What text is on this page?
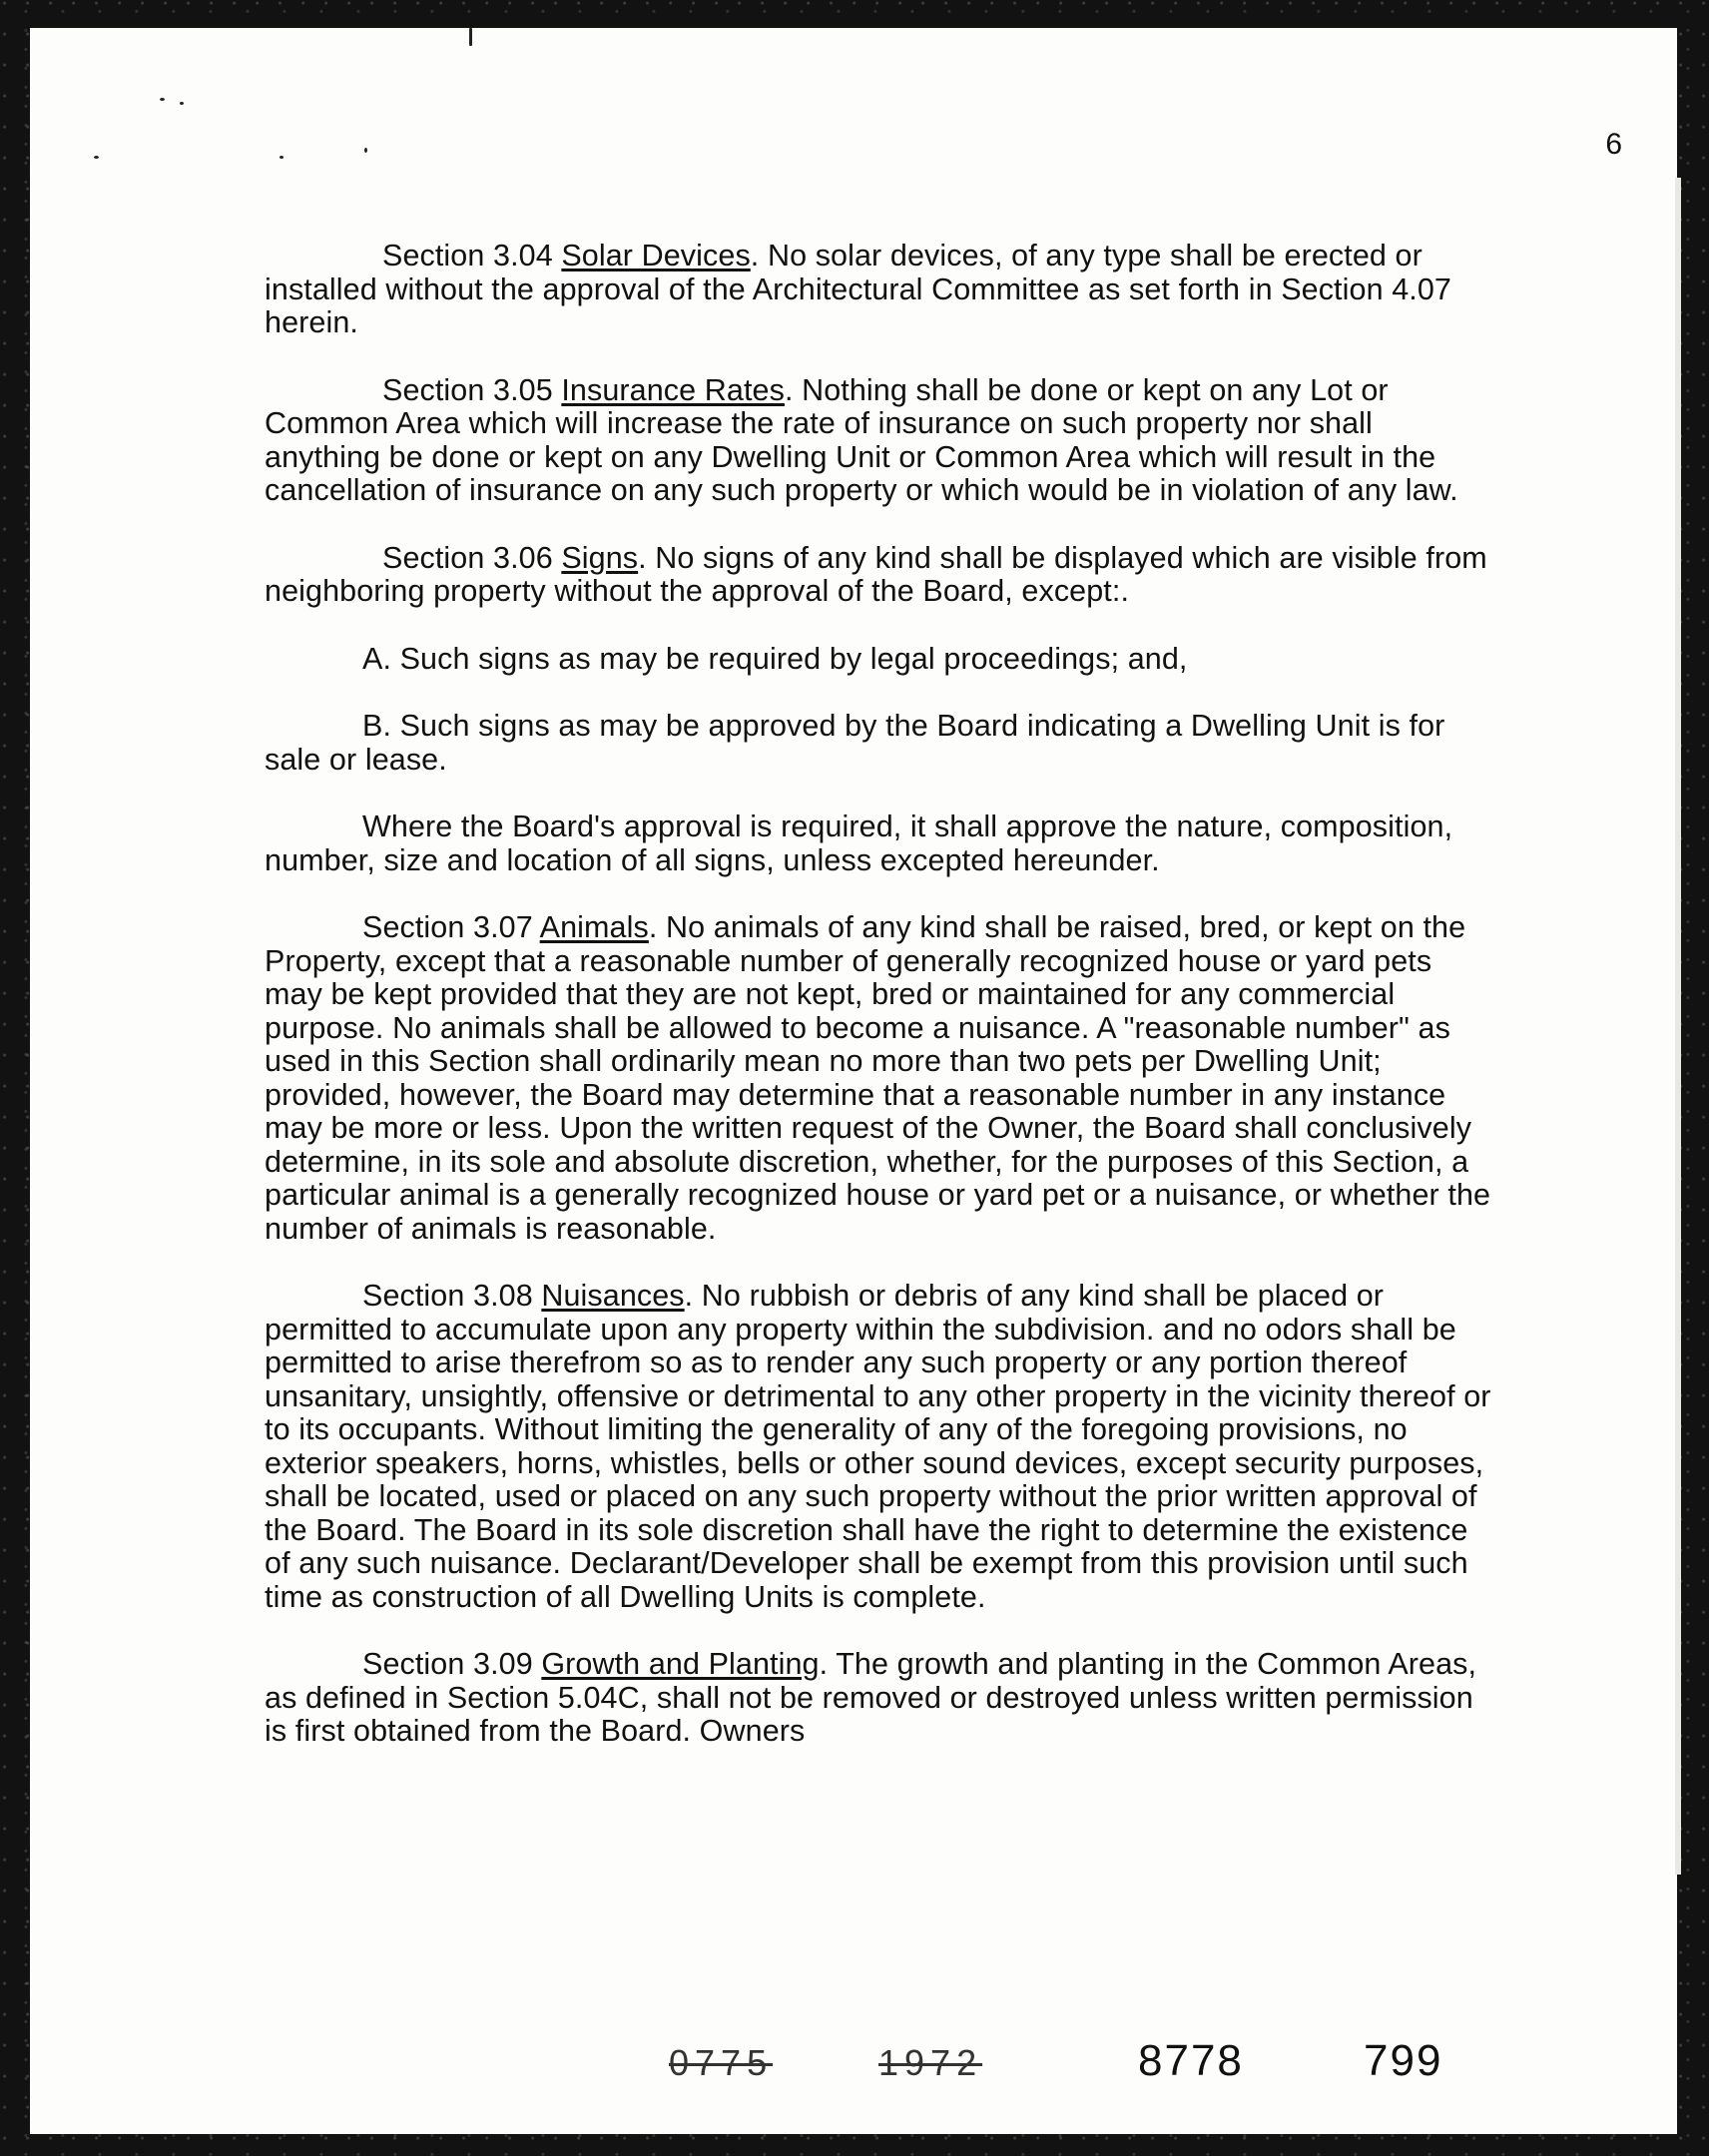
6

Section 3.04 Solar Devices. No solar devices, of any type shall be erected or installed without the approval of the Architectural Committee as set forth in Section 4.07 herein.

Section 3.05 Insurance Rates. Nothing shall be done or kept on any Lot or Common Area which will increase the rate of insurance on such property nor shall anything be done or kept on any Dwelling Unit or Common Area which will result in the cancellation of insurance on any such property or which would be in violation of any law.

Section 3.06 Signs. No signs of any kind shall be displayed which are visible from neighboring property without the approval of the Board, except:.

A. Such signs as may be required by legal proceedings; and,

B. Such signs as may be approved by the Board indicating a Dwelling Unit is for sale or lease.

Where the Board's approval is required, it shall approve the nature, composition, number, size and location of all signs, unless excepted hereunder.

Section 3.07 Animals. No animals of any kind shall be raised, bred, or kept on the Property, except that a reasonable number of generally recognized house or yard pets may be kept provided that they are not kept, bred or maintained for any commercial purpose. No animals shall be allowed to become a nuisance. A "reasonable number" as used in this Section shall ordinarily mean no more than two pets per Dwelling Unit; provided, however, the Board may determine that a reasonable number in any instance may be more or less. Upon the written request of the Owner, the Board shall conclusively determine, in its sole and absolute discretion, whether, for the purposes of this Section, a particular animal is a generally recognized house or yard pet or a nuisance, or whether the number of animals is reasonable.

Section 3.08 Nuisances. No rubbish or debris of any kind shall be placed or permitted to accumulate upon any property within the subdivision. and no odors shall be permitted to arise therefrom so as to render any such property or any portion thereof unsanitary, unsightly, offensive or detrimental to any other property in the vicinity thereof or to its occupants. Without limiting the generality of any of the foregoing provisions, no exterior speakers, horns, whistles, bells or other sound devices, except security purposes, shall be located, used or placed on any such property without the prior written approval of the Board. The Board in its sole discretion shall have the right to determine the existence of any such nuisance. Declarant/Developer shall be exempt from this provision until such time as construction of all Dwelling Units is complete.

Section 3.09 Growth and Planting. The growth and planting in the Common Areas, as defined in Section 5.04C, shall not be removed or destroyed unless written permission is first obtained from the Board. Owners

0775	1972	8778	799
